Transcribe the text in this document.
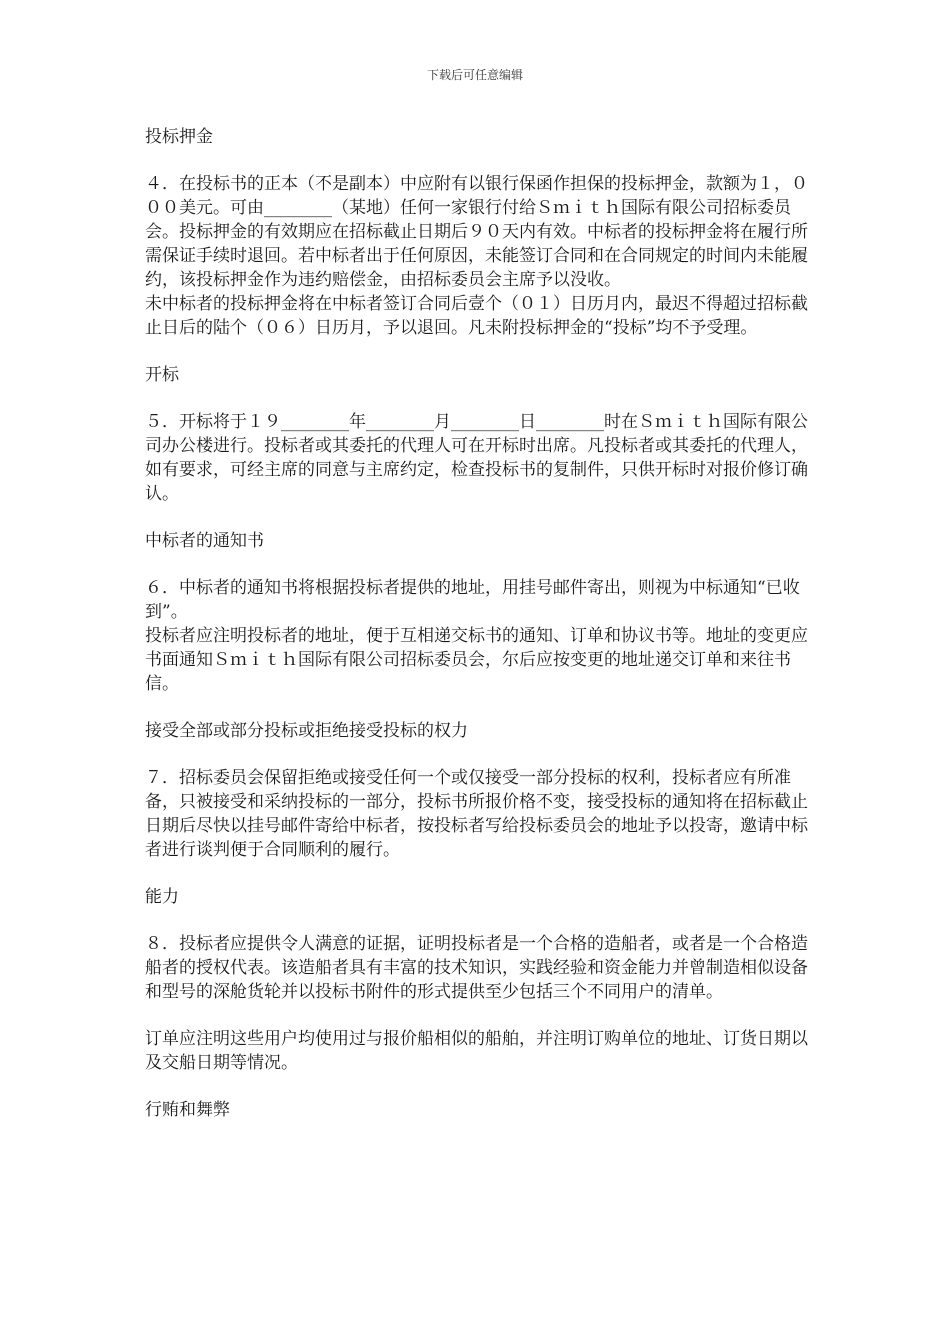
下载后可任意编辑
投标押金

４．在投标书的正本（不是副本）中应附有以银行保函作担保的投标押金，款额为１，０００美元。可由________（某地）任何一家银行付给Ｓｍｉｔｈ国际有限公司招标委员会。投标押金的有效期应在招标截止日期后９０天内有效。中标者的投标押金将在履行所需保证手续时退回。若中标者出于任何原因，未能签订合同和在合同规定的时间内未能履约，该投标押金作为违约赔偿金，由招标委员会主席予以没收。

未中标者的投标押金将在中标者签订合同后壹个（０１）日历月内，最迟不得超过招标截止日后的陆个（０６）日历月，予以退回。凡未附投标押金的“投标”均不予受理。

开标

５．开标将于１９________年________月________日________时在Ｓｍｉｔｈ国际有限公司办公楼进行。投标者或其委托的代理人可在开标时出席。凡投标者或其委托的代理人，如有要求，可经主席的同意与主席约定，检查投标书的复制件，只供开标时对报价修订确认。

中标者的通知书

６．中标者的通知书将根据投标者提供的地址，用挂号邮件寄出，则视为中标通知“已收到”。

投标者应注明投标者的地址，便于互相递交标书的通知、订单和协议书等。地址的变更应书面通知Ｓｍｉｔｈ国际有限公司招标委员会，尔后应按变更的地址递交订单和来往书信。

接受全部或部分投标或拒绝接受投标的权力

７．招标委员会保留拒绝或接受任何一个或仅接受一部分投标的权利，投标者应有所准备，只被接受和采纳投标的一部分，投标书所报价格不变，接受投标的通知将在招标截止日期后尽快以挂号邮件寄给中标者，按投标者写给投标委员会的地址予以投寄，邀请中标者进行谈判便于合同顺利的履行。

能力

８．投标者应提供令人满意的证据，证明投标者是一个合格的造船者，或者是一个合格造船者的授权代表。该造船者具有丰富的技术知识，实践经验和资金能力并曾制造相似设备和型号的深舱货轮并以投标书附件的形式提供至少包括三个不同用户的清单。

订单应注明这些用户均使用过与报价船相似的船舶，并注明订购单位的地址、订货日期以及交船日期等情况。

行贿和舞弊
